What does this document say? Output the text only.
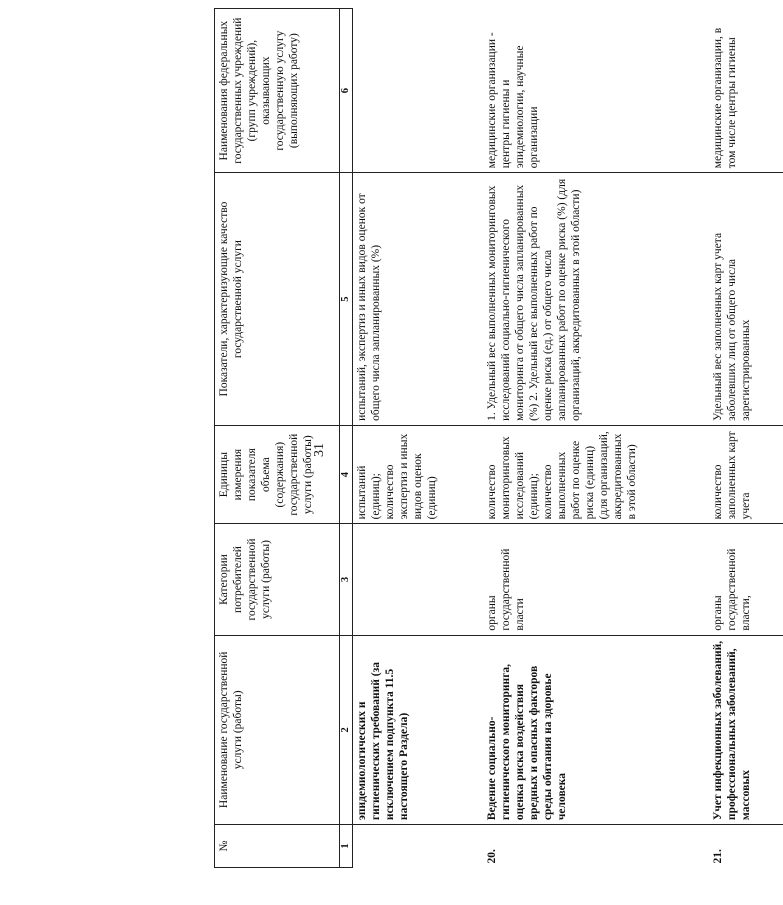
31
№	Наименование государственной услуги (работы)	Категории потребителей государственной услуги (работы)	Единицы измерения показателя объема (содержания) государственной услуги (работы)	Показатели, характеризующие качество государственной услуги	Наименования федеральных государственных учреждений (групп учреждений), оказывающих государственную услугу (выполняющих работу)
1	2	3	4	5	6
	эпидемиологических и гигиенических требований (за исключением подпункта 11.5 настоящего Раздела)		испытаний (единиц); количество экспертиз и иных видов оценок (единиц)	испытаний, экспертиз и иных видов оценок от общего числа запланированных (%)	
20.	Ведение социально-гигиенического мониторинга, оценка риска воздействия вредных и опасных факторов среды обитания на здоровье человека	органы государственной власти	количество мониторинговых исследований (единиц); количество выполненных работ по оценке риска (единиц) (для организаций, аккредитованных в этой области)	1. Удельный вес выполненных мониторинговых исследований социально-гигиенического мониторинга от общего числа запланированных (%) 2. Удельный вес выполненных работ по оценке риска (ед.) от общего числа запланированных работ по оценке риска (%) (для организаций, аккредитованных в этой области)	медицинские организации - центры гигиены и эпидемиологии, научные организации
21.	Учет инфекционных заболеваний, профессиональных заболеваний, массовых	органы государственной власти,	количество заполненных карт учета	Удельный вес заполненных карт учета заболевших лиц от общего числа зарегистрированных	медицинские организации, в том числе центры гигиены
